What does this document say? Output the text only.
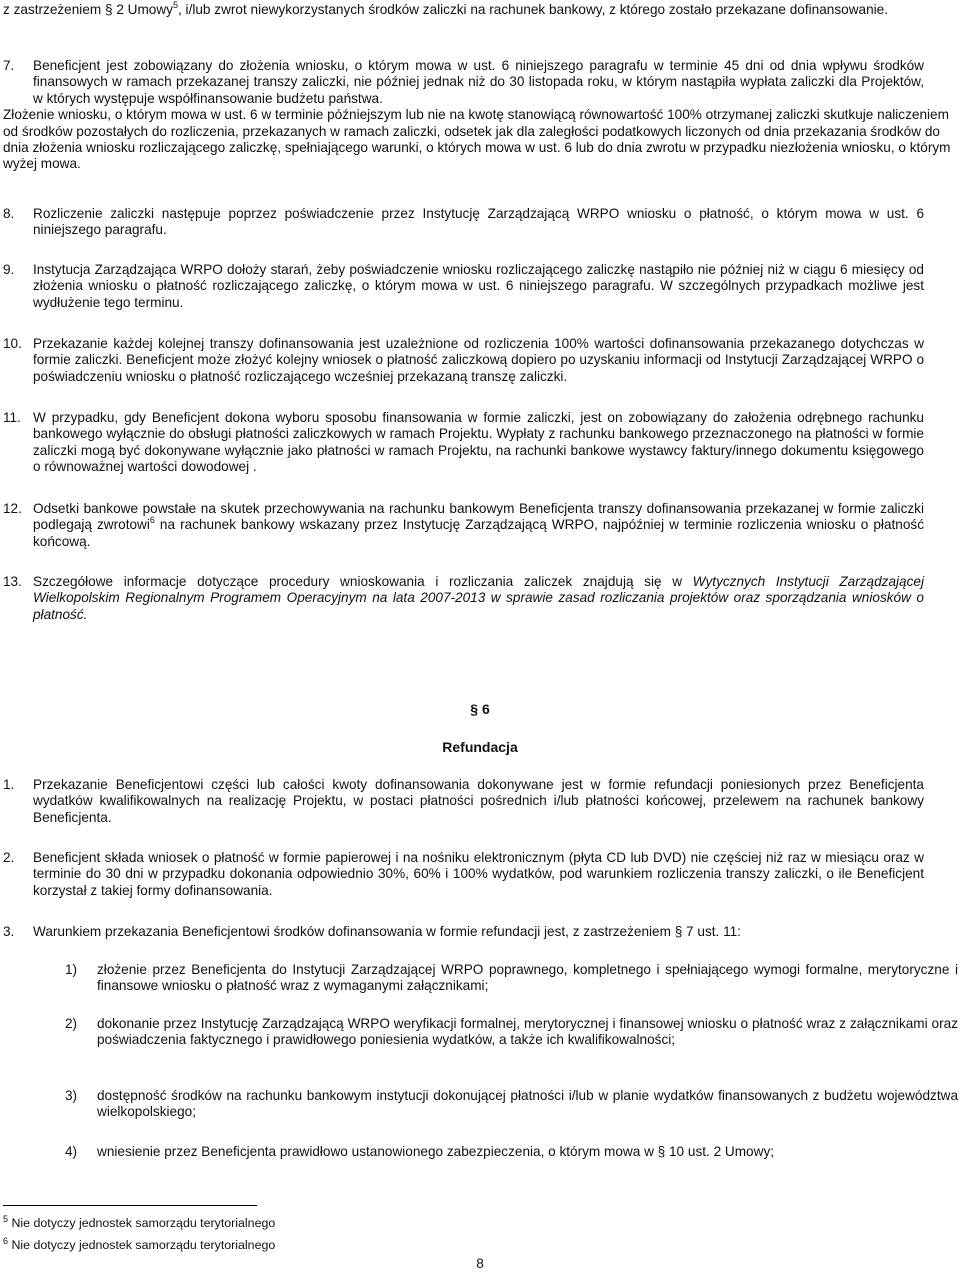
z zastrzeżeniem § 2 Umowy$^5$, i/lub zwrot niewykorzystanych środków zaliczki na rachunek bankowy, z którego zostało przekazane dofinansowanie.

7. Beneficjent jest zobowiązany do złożenia wniosku, o którym mowa w ust. 6 niniejszego paragrafu w terminie 45 dni od dnia wpływu środków finansowych w ramach przekazanej transzy zaliczki, nie później jednak niż do 30 listopada roku, w którym nastąpiła wypłata zaliczki dla Projektów, w których występuje współfinansowanie budżetu państwa.

Złożenie wniosku, o którym mowa w ust. 6 w terminie późniejszym lub nie na kwotę stanowiącą równowartość 100% otrzymanej zaliczki skutkuje naliczeniem od środków pozostałych do rozliczenia, przekazanych w ramach zaliczki, odsetek jak dla zaległości podatkowych liczonych od dnia przekazania środków do dnia złożenia wniosku rozliczającego zaliczkę, spełniającego warunki, o których mowa w ust. 6 lub do dnia zwrotu w przypadku niezłożenia wniosku, o którym wyżej mowa.

8. Rozliczenie zaliczki następuje poprzez poświadczenie przez Instytucję Zarządzającą WRPO wniosku o płatność, o którym mowa w ust. 6 niniejszego paragrafu.

9. Instytucja Zarządzająca WRPO dołoży starań, żeby poświadczenie wniosku rozliczającego zaliczkę nastąpiło nie później niż w ciągu 6 miesięcy od złożenia wniosku o płatność rozliczającego zaliczkę, o którym mowa w ust. 6 niniejszego paragrafu. W szczególnych przypadkach możliwe jest wydłużenie tego terminu.

10. Przekazanie każdej kolejnej transzy dofinansowania jest uzależnione od rozliczenia 100% wartości dofinansowania przekazanego dotychczas w formie zaliczki. Beneficjent może złożyć kolejny wniosek o płatność zaliczkową dopiero po uzyskaniu informacji od Instytucji Zarządzającej WRPO o poświadczeniu wniosku o płatność rozliczającego wcześniej przekazaną transzę zaliczki.

11. W przypadku, gdy Beneficjent dokona wyboru sposobu finansowania w formie zaliczki, jest on zobowiązany do założenia odrębnego rachunku bankowego wyłącznie do obsługi płatności zaliczkowych w ramach Projektu. Wypłaty z rachunku bankowego przeznaczonego na płatności w formie zaliczki mogą być dokonywane wyłącznie jako płatności w ramach Projektu, na rachunki bankowe wystawcy faktury/innego dokumentu księgowego o równoważnej wartości dowodowej .

12. Odsetki bankowe powstałe na skutek przechowywania na rachunku bankowym Beneficjenta transzy dofinansowania przekazanej w formie zaliczki podlegają zwrotowi$^6$ na rachunek bankowy wskazany przez Instytucję Zarządzającą WRPO, najpóźniej w terminie rozliczenia wniosku o płatność końcową.

13. Szczegółowe informacje dotyczące procedury wnioskowania i rozliczania zaliczek znajdują się w Wytycznych Instytucji Zarządzającej Wielkopolskim Regionalnym Programem Operacyjnym na lata 2007-2013 w sprawie zasad rozliczania projektów oraz sporządzania wniosków o płatność.

§ 6
Refundacja

1. Przekazanie Beneficjentowi części lub całości kwoty dofinansowania dokonywane jest w formie refundacji poniesionych przez Beneficjenta wydatków kwalifikowalnych na realizację Projektu, w postaci płatności pośrednich i/lub płatności końcowej, przelewem na rachunek bankowy Beneficjenta.

2. Beneficjent składa wniosek o płatność w formie papierowej i na nośniku elektronicznym (płyta CD lub DVD) nie częściej niż raz w miesiącu oraz w terminie do 30 dni w przypadku dokonania odpowiednio 30%, 60% i 100% wydatków, pod warunkiem rozliczenia transzy zaliczki, o ile Beneficjent korzystał z takiej formy dofinansowania.

3. Warunkiem przekazania Beneficjentowi środków dofinansowania w formie refundacji jest, z zastrzeżeniem § 7 ust. 11:

1) złożenie przez Beneficjenta do Instytucji Zarządzającej WRPO poprawnego, kompletnego i spełniającego wymogi formalne, merytoryczne i finansowe wniosku o płatność wraz z wymaganymi załącznikami;

2) dokonanie przez Instytucję Zarządzającą WRPO weryfikacji formalnej, merytorycznej i finansowej wniosku o płatność wraz z załącznikami oraz poświadczenia faktycznego i prawidłowego poniesienia wydatków, a także ich kwalifikowalności;

3) dostępność środków na rachunku bankowym instytucji dokonującej płatności i/lub w planie wydatków finansowanych z budżetu województwa wielkopolskiego;

4) wniesienie przez Beneficjenta prawidłowo ustanowionego zabezpieczenia, o którym mowa w § 10 ust. 2 Umowy;

$^5$ Nie dotyczy jednostek samorządu terytorialnego
$^6$ Nie dotyczy jednostek samorządu terytorialnego
8
